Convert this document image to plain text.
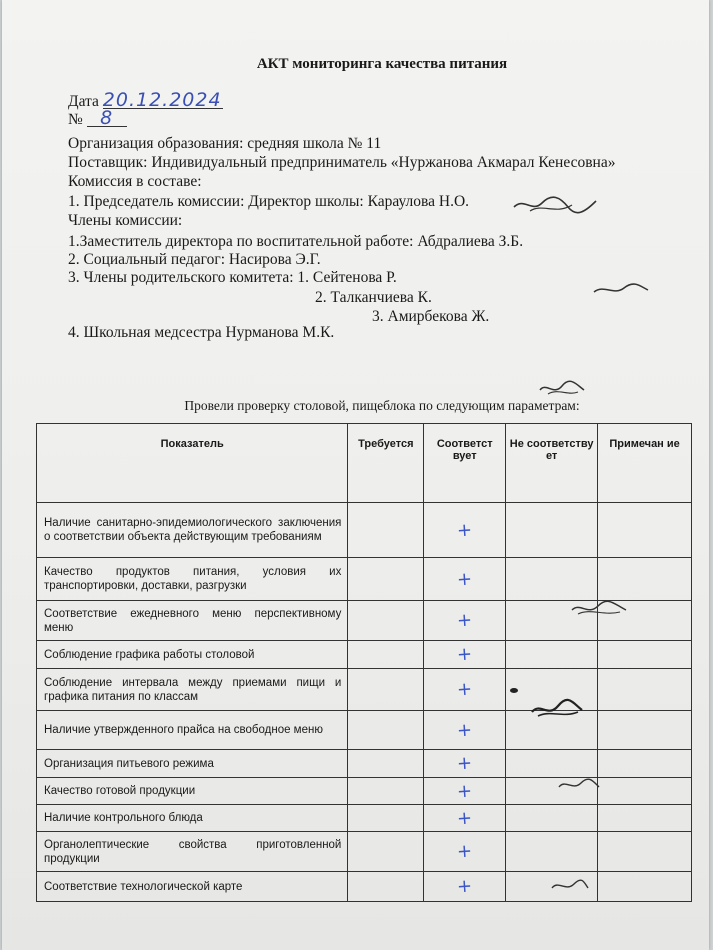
АКТ мониторинга качества питания
Дата 20.12.2024
№ 8
Организация образования: средняя школа № 11
Поставщик: Индивидуальный предприниматель «Нуржанова Акмарал Кенесовна»
Комиссия в составе:
1. Председатель комиссии: Директор школы: Караулова Н.О.
Члены комиссии:
1.Заместитель директора по воспитательной работе: Абдралиева З.Б.
2. Социальный педагог: Насирова Э.Г.
3. Члены родительского комитета: 1. Сейтенова Р.
2. Талканчиева К.
3. Амирбекова Ж.
4. Школьная медсестра Нурманова М.К.
Провели проверку столовой, пищеблока по следующим параметрам:
Показатель	Требуется	Соответст вует	Не соответству ет	Примечан ие
Наличие санитарно-эпидемиологического заключения о соответствии объекта действующим требованиям		+		
Качество продуктов питания, условия их транспортировки, доставки, разгрузки		+		
Соответствие ежедневного меню перспективному меню		+		
Соблюдение графика работы столовой		+		
Соблюдение интервала между приемами пищи и графика питания по классам		+		
Наличие утвержденного прайса на свободное меню		+		
Организация питьевого режима		+		
Качество готовой продукции		+		
Наличие контрольного блюда		+		
Органолептические свойства приготовленной продукции		+		
Соответствие технологической карте		+		
